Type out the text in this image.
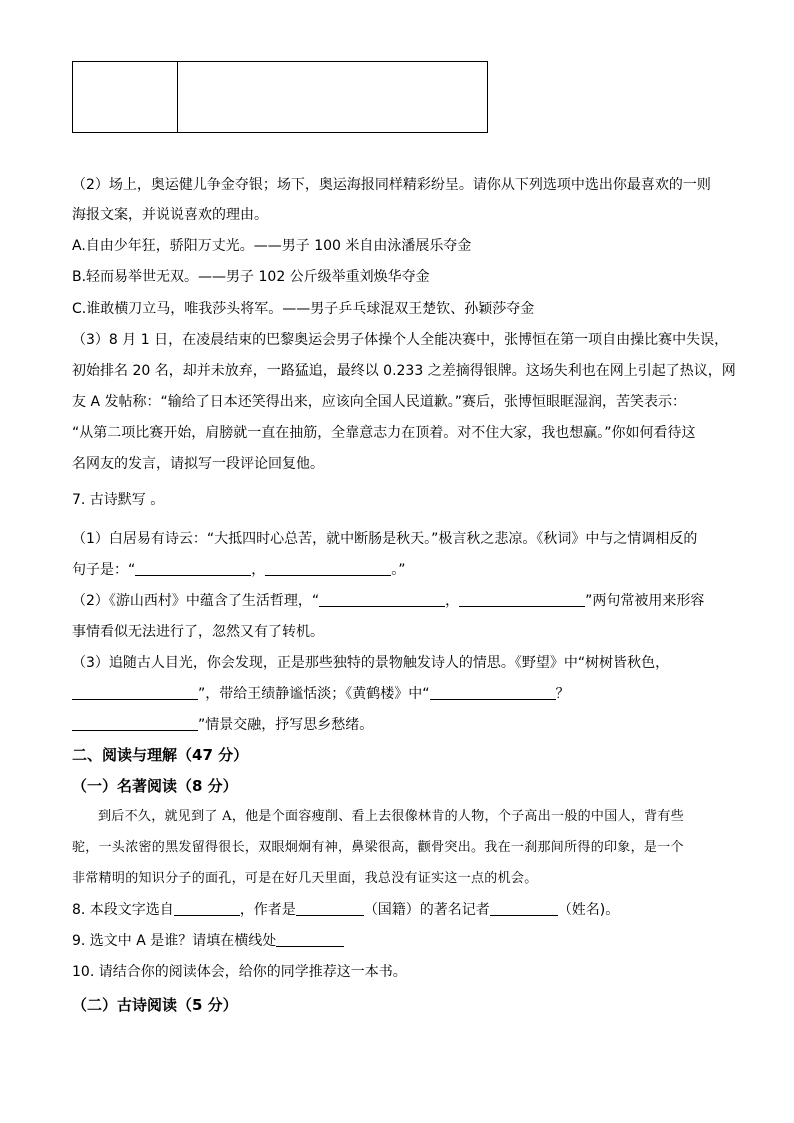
（2）场上，奥运健儿争金夺银；场下，奥运海报同样精彩纷呈。请你从下列选项中选出你最喜欢的一则
海报文案，并说说喜欢的理由。
A.自由少年狂，骄阳万丈光。——男子 100 米自由泳潘展乐夺金
B.轻而易举世无双。——男子 102 公斤级举重刘焕华夺金
C.谁敢横刀立马，唯我莎头将军。——男子乒乓球混双王楚钦、孙颖莎夺金
（3）8 月 1 日，在凌晨结束的巴黎奥运会男子体操个人全能决赛中，张博恒在第一项自由操比赛中失误，
初始排名 20 名，却并未放弃，一路猛追，最终以 0.233 之差摘得银牌。这场失利也在网上引起了热议，网
友 A 发帖称：“输给了日本还笑得出来，应该向全国人民道歉。”赛后，张博恒眼眶湿润，苦笑表示：
“从第二项比赛开始，肩膀就一直在抽筋，全靠意志力在顶着。对不住大家，我也想赢。”你如何看待这
名网友的发言，请拟写一段评论回复他。
7. 古诗默写 。
（1）白居易有诗云：“大抵四时心总苦，就中断肠是秋天。”极言秋之悲凉。《秋词》中与之情调相反的
句子是：“	，	。”
（2）《游山西村》中蕴含了生活哲理，“	，	”两句常被用来形容
事情看似无法进行了，忽然又有了转机。
（3）追随古人目光，你会发现，正是那些独特的景物触发诗人的情思。《野望》中“树树皆秋色，
”，带给王绩静谧恬淡；《黄鹤楼》中“	？
”情景交融，抒写思乡愁绪。
二、阅读与理解（47 分）
（一）名著阅读（8 分）
到后不久，就见到了 A，他是个面容瘦削、看上去很像林肯的人物，个子高出一般的中国人，背有些
驼，一头浓密的黑发留得很长，双眼炯炯有神，鼻梁很高，颧骨突出。我在一刹那间所得的印象，是一个
非常精明的知识分子的面孔，可是在好几天里面，我总没有证实这一点的机会。
8. 本段文字选自	，作者是	（国籍）的著名记者	（姓名)。
9. 选文中 A 是谁？请填在横线处
10. 请结合你的阅读体会，给你的同学推荐这一本书。
（二）古诗阅读（5 分）
